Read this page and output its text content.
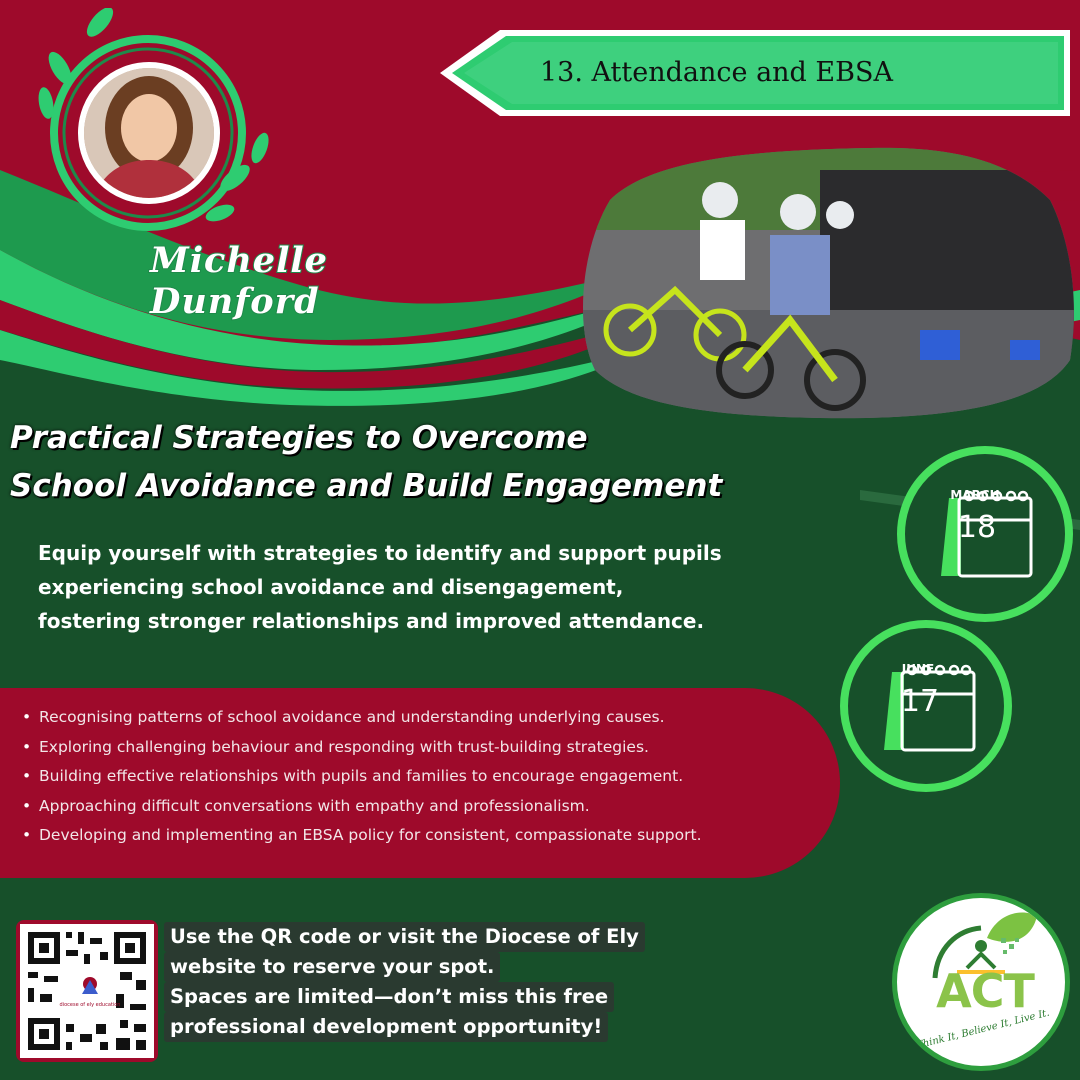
Michelle Dunford
13. Attendance and EBSA
Practical Strategies to Overcome
School Avoidance and Build Engagement
Equip yourself with strategies to identify and support pupils
experiencing school avoidance and disengagement,
fostering stronger relationships and improved attendance.
• Recognising patterns of school avoidance and understanding underlying causes.
• Exploring challenging behaviour and responding with trust-building strategies.
• Building effective relationships with pupils and families to encourage engagement.
• Approaching difficult conversations with empathy and professionalism.
• Developing and implementing an EBSA policy for consistent, compassionate support.
MARCH
18
JUNE
17
diocese of ely education
Use the QR code or visit the Diocese of Ely
website to reserve your spot.
Spaces are limited—don’t miss this free
professional development opportunity!
ACT
Think It, Believe It, Live It.
